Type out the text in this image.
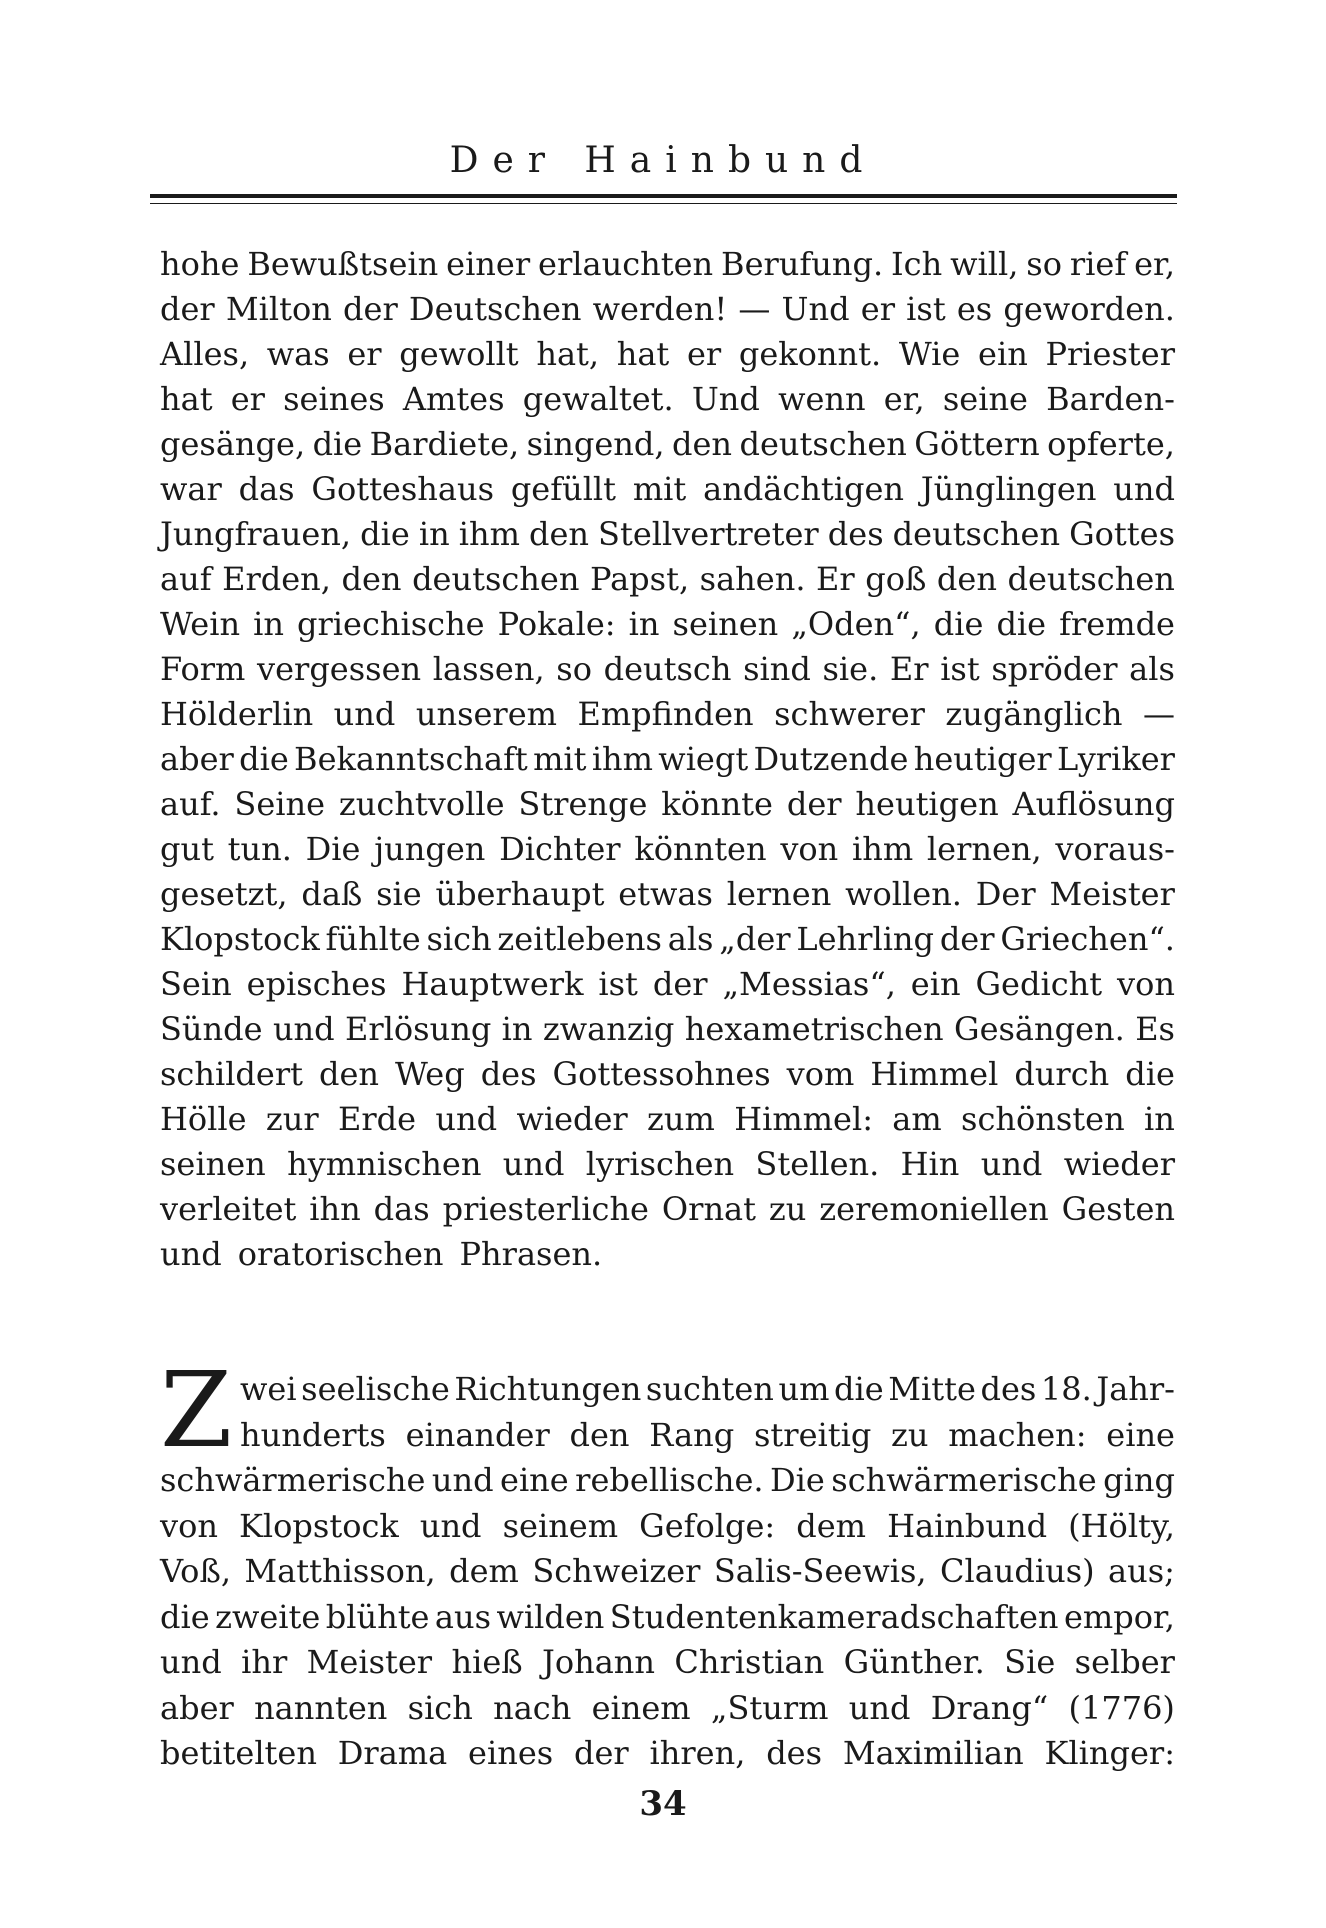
Der Hainbund
hohe Bewußtsein einer erlauchten Berufung. Ich will, so rief er,
der Milton der Deutschen werden! — Und er ist es geworden.
Alles, was er gewollt hat, hat er gekonnt. Wie ein Priester
hat er seines Amtes gewaltet. Und wenn er, seine Barden-
gesänge, die Bardiete, singend, den deutschen Göttern opferte,
war das Gotteshaus gefüllt mit andächtigen Jünglingen und
Jungfrauen, die in ihm den Stellvertreter des deutschen Gottes
auf Erden, den deutschen Papst, sahen. Er goß den deutschen
Wein in griechische Pokale: in seinen „Oden“, die die fremde
Form vergessen lassen, so deutsch sind sie. Er ist spröder als
Hölderlin und unserem Empfinden schwerer zugänglich —
aber die Bekanntschaft mit ihm wiegt Dutzende heutiger Lyriker
auf. Seine zuchtvolle Strenge könnte der heutigen Auflösung
gut tun. Die jungen Dichter könnten von ihm lernen, voraus-
gesetzt, daß sie überhaupt etwas lernen wollen. Der Meister
Klopstock fühlte sich zeitlebens als „der Lehrling der Griechen“.
Sein episches Hauptwerk ist der „Messias“, ein Gedicht von
Sünde und Erlösung in zwanzig hexametrischen Gesängen. Es
schildert den Weg des Gottessohnes vom Himmel durch die
Hölle zur Erde und wieder zum Himmel: am schönsten in
seinen hymnischen und lyrischen Stellen. Hin und wieder
verleitet ihn das priesterliche Ornat zu zeremoniellen Gesten
und oratorischen Phrasen.
Z wei seelische Richtungen suchten um die Mitte des 18. Jahr-
hunderts einander den Rang streitig zu machen: eine
schwärmerische und eine rebellische. Die schwärmerische ging
von Klopstock und seinem Gefolge: dem Hainbund (Hölty,
Voß, Matthisson, dem Schweizer Salis-Seewis, Claudius) aus;
die zweite blühte aus wilden Studentenkameradschaften empor,
und ihr Meister hieß Johann Christian Günther. Sie selber
aber nannten sich nach einem „Sturm und Drang“ (1776)
betitelten Drama eines der ihren, des Maximilian Klinger:
34
